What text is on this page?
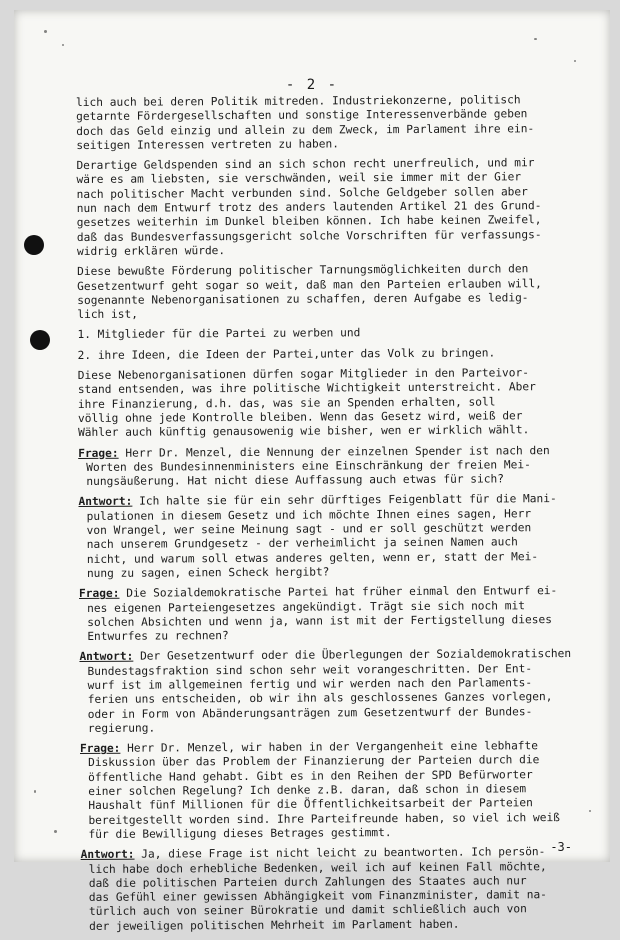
- 2 -
lich auch bei deren Politik mitreden. Industriekonzerne, politisch
getarnte Fördergesellschaften und sonstige Interessenverbände geben
doch das Geld einzig und allein zu dem Zweck, im Parlament ihre ein-
seitigen Interessen vertreten zu haben.
Derartige Geldspenden sind an sich schon recht unerfreulich, und mir
wäre es am liebsten, sie verschwänden, weil sie immer mit der Gier
nach politischer Macht verbunden sind. Solche Geldgeber sollen aber
nun nach dem Entwurf trotz des anders lautenden Artikel 21 des Grund-
gesetzes weiterhin im Dunkel bleiben können. Ich habe keinen Zweifel,
daß das Bundesverfassungsgericht solche Vorschriften für verfassungs-
widrig erklären würde.
Diese bewußte Förderung politischer Tarnungsmöglichkeiten durch den
Gesetzentwurf geht sogar so weit, daß man den Parteien erlauben will,
sogenannte Nebenorganisationen zu schaffen, deren Aufgabe es ledig-
lich ist,
1. Mitglieder für die Partei zu werben und
2. ihre Ideen, die Ideen der Partei,unter das Volk zu bringen.
Diese Nebenorganisationen dürfen sogar Mitglieder in den Parteivor-
stand entsenden, was ihre politische Wichtigkeit unterstreicht. Aber
ihre Finanzierung, d.h. das, was sie an Spenden erhalten, soll
völlig ohne jede Kontrolle bleiben. Wenn das Gesetz wird, weiß der
Wähler auch künftig genausowenig wie bisher, wen er wirklich wählt.
Frage: Herr Dr. Menzel, die Nennung der einzelnen Spender ist nach den
Worten des Bundesinnenministers eine Einschränkung der freien Mei-
nungsäußerung. Hat nicht diese Auffassung auch etwas für sich?
Antwort: Ich halte sie für ein sehr dürftiges Feigenblatt für die Mani-
pulationen in diesem Gesetz und ich möchte Ihnen eines sagen, Herr
von Wrangel, wer seine Meinung sagt - und er soll geschützt werden
nach unserem Grundgesetz - der verheimlicht ja seinen Namen auch
nicht, und warum soll etwas anderes gelten, wenn er, statt der Mei-
nung zu sagen, einen Scheck hergibt?
Frage: Die Sozialdemokratische Partei hat früher einmal den Entwurf ei-
nes eigenen Parteiengesetzes angekündigt. Trägt sie sich noch mit
solchen Absichten und wenn ja, wann ist mit der Fertigstellung dieses
Entwurfes zu rechnen?
Antwort: Der Gesetzentwurf oder die Überlegungen der Sozialdemokratischen
Bundestagsfraktion sind schon sehr weit vorangeschritten. Der Ent-
wurf ist im allgemeinen fertig und wir werden nach den Parlaments-
ferien uns entscheiden, ob wir ihn als geschlossenes Ganzes vorlegen,
oder in Form von Abänderungsanträgen zum Gesetzentwurf der Bundes-
regierung.
Frage: Herr Dr. Menzel, wir haben in der Vergangenheit eine lebhafte
Diskussion über das Problem der Finanzierung der Parteien durch die
öffentliche Hand gehabt. Gibt es in den Reihen der SPD Befürworter
einer solchen Regelung? Ich denke z.B. daran, daß schon in diesem
Haushalt fünf Millionen für die Öffentlichkeitsarbeit der Parteien
bereitgestellt worden sind. Ihre Parteifreunde haben, so viel ich weiß
für die Bewilligung dieses Betrages gestimmt.
Antwort: Ja, diese Frage ist nicht leicht zu beantworten. Ich persön-
lich habe doch erhebliche Bedenken, weil ich auf keinen Fall möchte,
daß die politischen Parteien durch Zahlungen des Staates auch nur
das Gefühl einer gewissen Abhängigkeit vom Finanzminister, damit na-
türlich auch von seiner Bürokratie und damit schließlich auch von
der jeweiligen politischen Mehrheit im Parlament haben.
-3-
